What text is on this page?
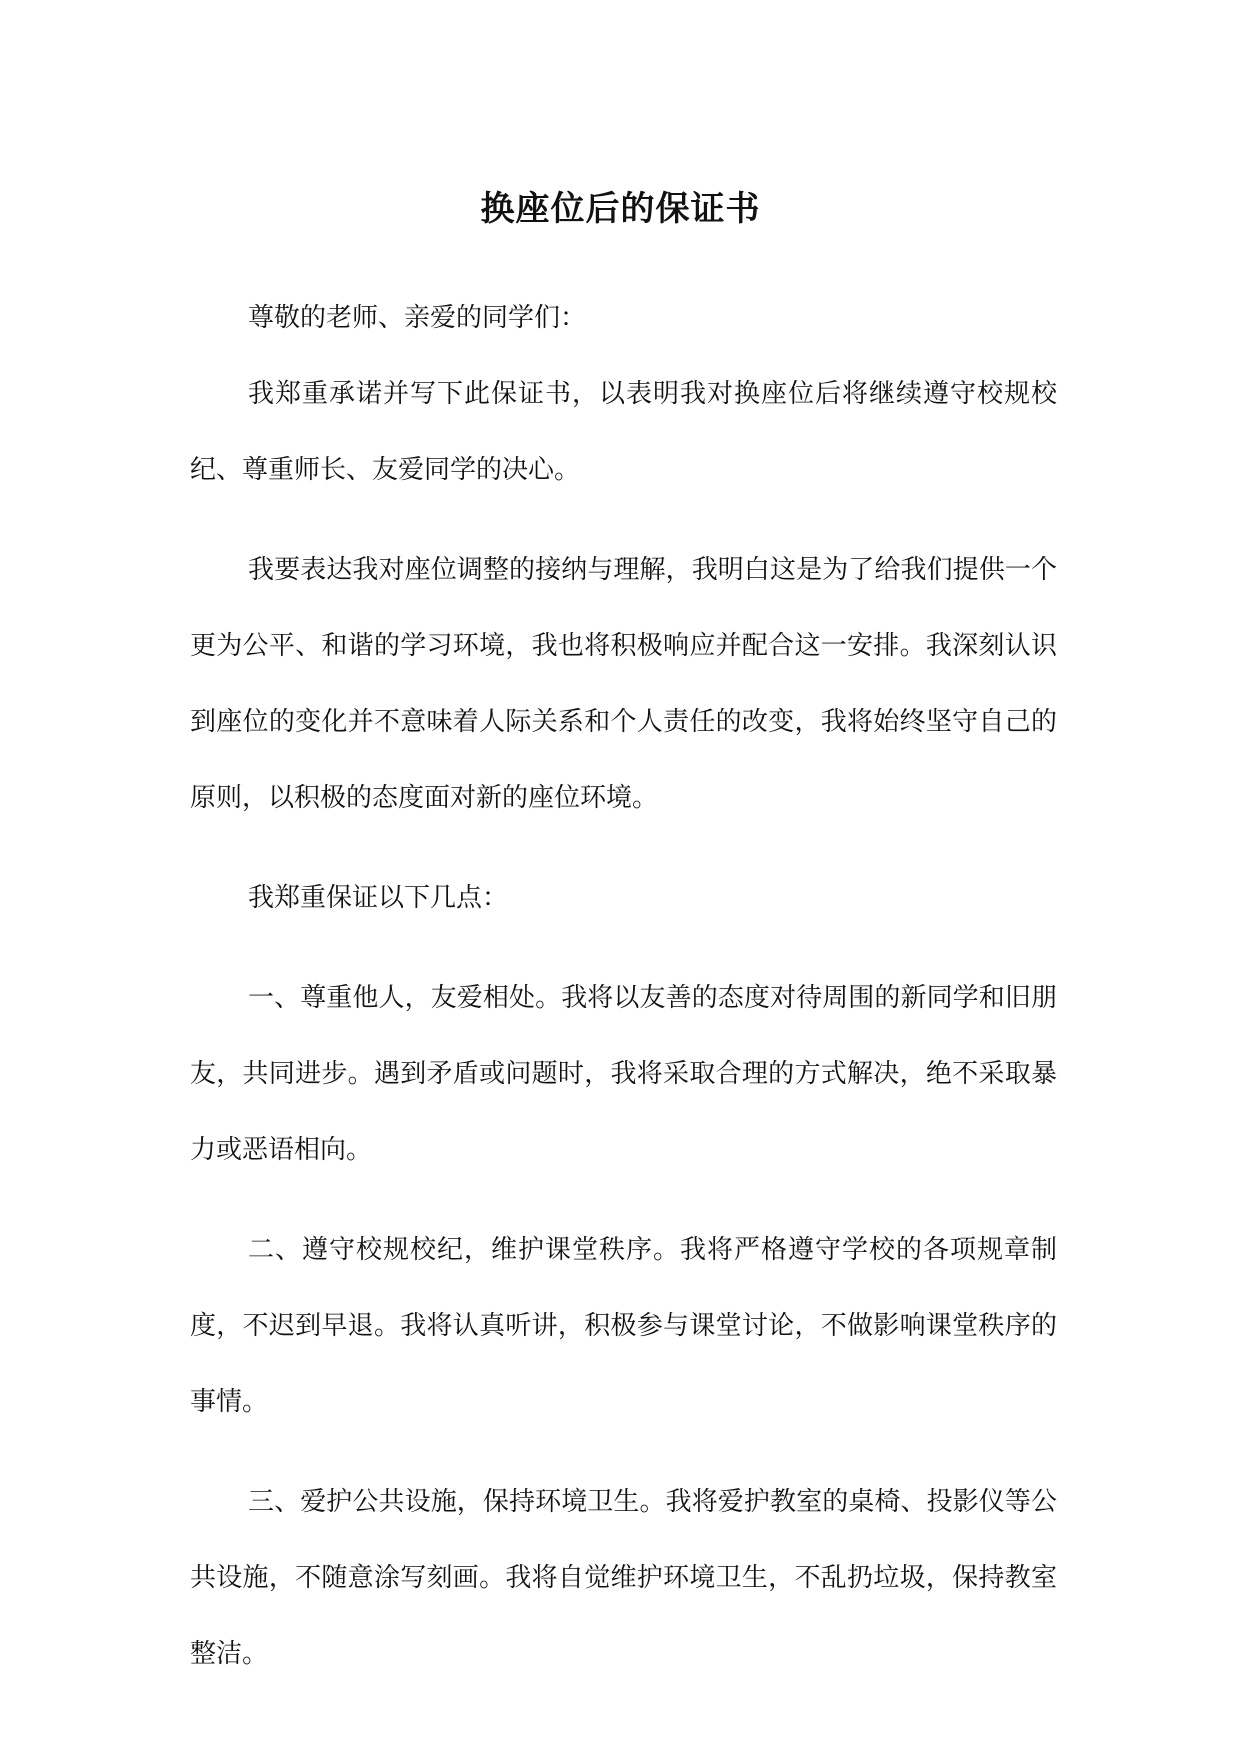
换座位后的保证书

尊敬的老师、亲爱的同学们：

我郑重承诺并写下此保证书，以表明我对换座位后将继续遵守校规校纪、尊重师长、友爱同学的决心。

我要表达我对座位调整的接纳与理解，我明白这是为了给我们提供一个更为公平、和谐的学习环境，我也将积极响应并配合这一安排。我深刻认识到座位的变化并不意味着人际关系和个人责任的改变，我将始终坚守自己的原则，以积极的态度面对新的座位环境。

我郑重保证以下几点：

一、尊重他人，友爱相处。我将以友善的态度对待周围的新同学和旧朋友，共同进步。遇到矛盾或问题时，我将采取合理的方式解决，绝不采取暴力或恶语相向。

二、遵守校规校纪，维护课堂秩序。我将严格遵守学校的各项规章制度，不迟到早退。我将认真听讲，积极参与课堂讨论，不做影响课堂秩序的事情。

三、爱护公共设施，保持环境卫生。我将爱护教室的桌椅、投影仪等公共设施，不随意涂写刻画。我将自觉维护环境卫生，不乱扔垃圾，保持教室整洁。
